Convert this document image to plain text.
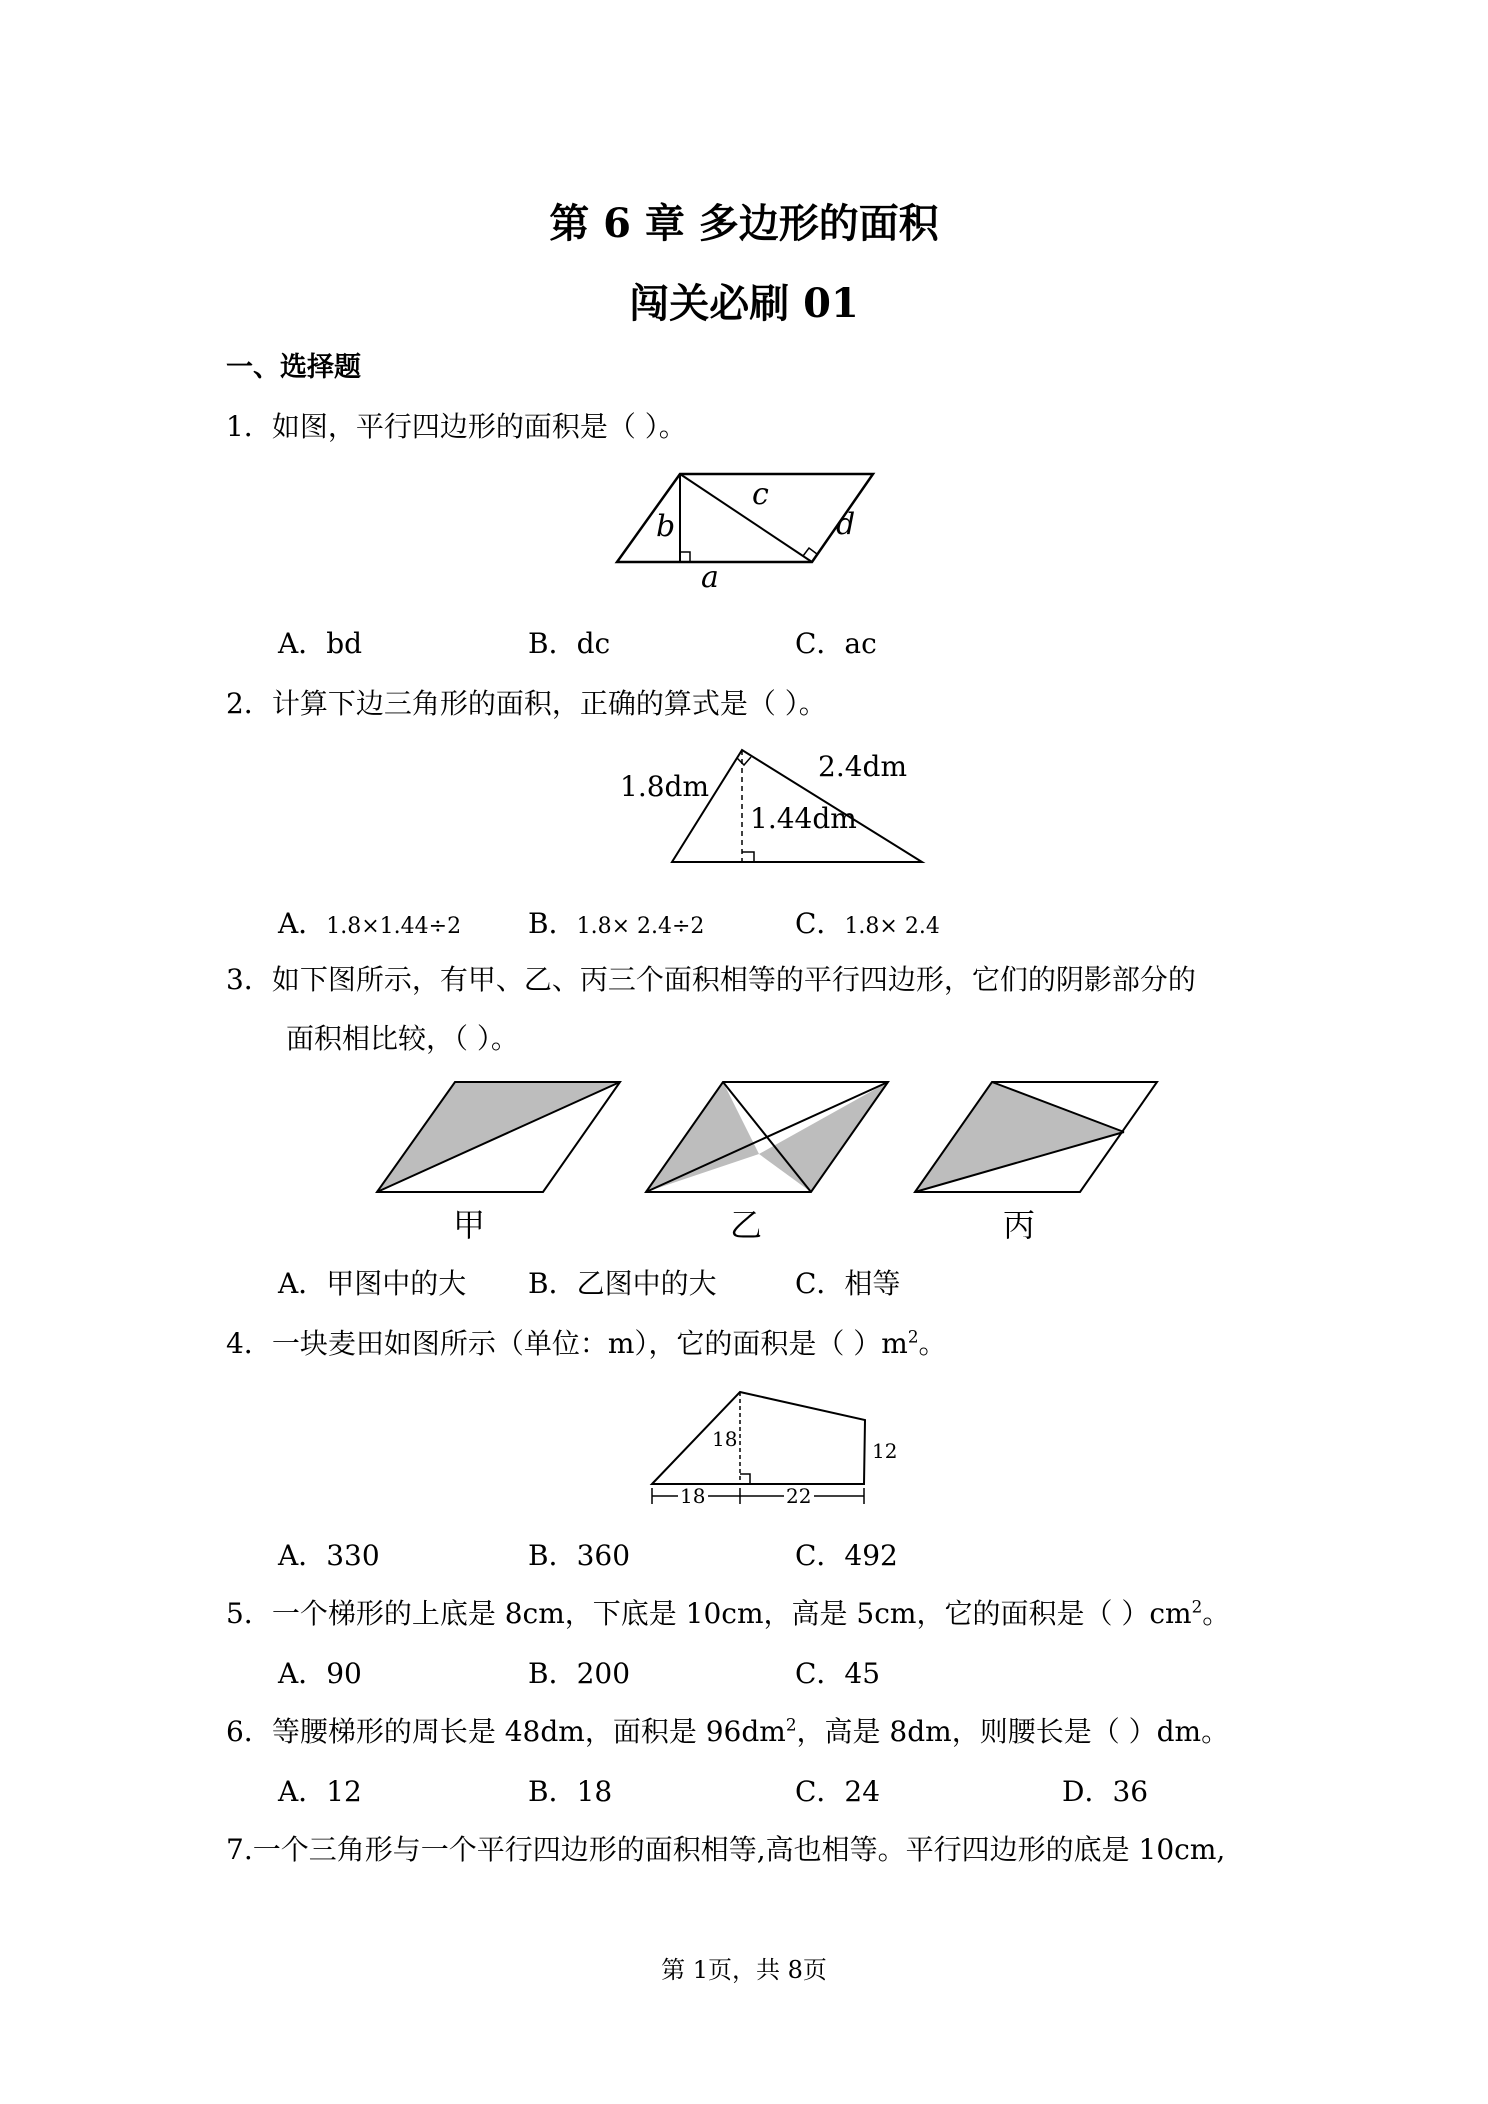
第 6 章 多边形的面积
闯关必刷 01
一、选择题
1．如图，平行四边形的面积是（ ）。
b
c
d
a
A．bd	B．dc	C．ac
2．计算下边三角形的面积，正确的算式是（ ）。
1.8dm
2.4dm
1.44dm
A．1.8×1.44÷2 B．1.8× 2.4÷2	C．1.8× 2.4
3．如下图所示，有甲、乙、丙三个面积相等的平行四边形，它们的阴影部分的
面积相比较，（ ）。
甲	乙	丙
A．甲图中的大 B．乙图中的大	C．相等
4．一块麦田如图所示（单位：m），它的面积是（ ）$m^2$。
18	12
18	22
A．330	B．360	C．492
5．一个梯形的上底是 8cm，下底是 10cm，高是 5cm，它的面积是（ ）$cm^2$。
A．90	B．200	C．45
6．等腰梯形的周长是 48dm，面积是 $96dm^2$，高是 8dm，则腰长是（ ）dm。
A．12	B．18	C．24	D．36
7.一个三角形与一个平行四边形的面积相等,高也相等。平行四边形的底是 10cm,
第 1页，共 8页
